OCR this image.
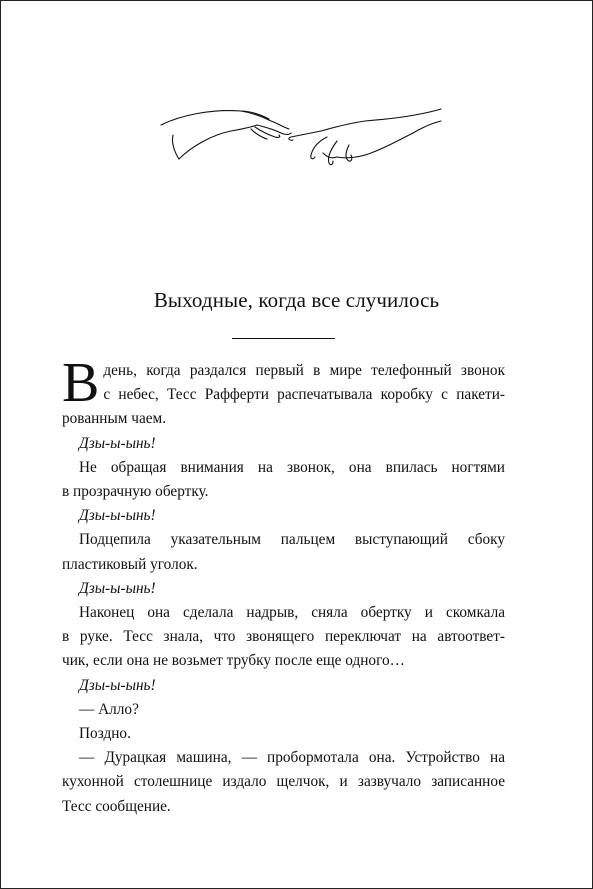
Выходные, когда все случилось

В день, когда раздался первый в мире телефонный звонок
с небес, Тесс Рафферти распечатывала коробку с пакети-
рованным чаем.

Дзы-ы-ынь!

Не обращая внимания на звонок, она впилась ногтями
в прозрачную обертку.

Дзы-ы-ынь!

Подцепила указательным пальцем выступающий сбоку
пластиковый уголок.

Дзы-ы-ынь!

Наконец она сделала надрыв, сняла обертку и скомкала
в руке. Тесс знала, что звонящего переключат на автоответ-
чик, если она не возьмет трубку после еще одного…

Дзы-ы-ынь!

— Алло?

Поздно.

— Дурацкая машина, — пробормотала она. Устройство на
кухонной столешнице издало щелчок, и зазвучало записанное
Тесс сообщение.
